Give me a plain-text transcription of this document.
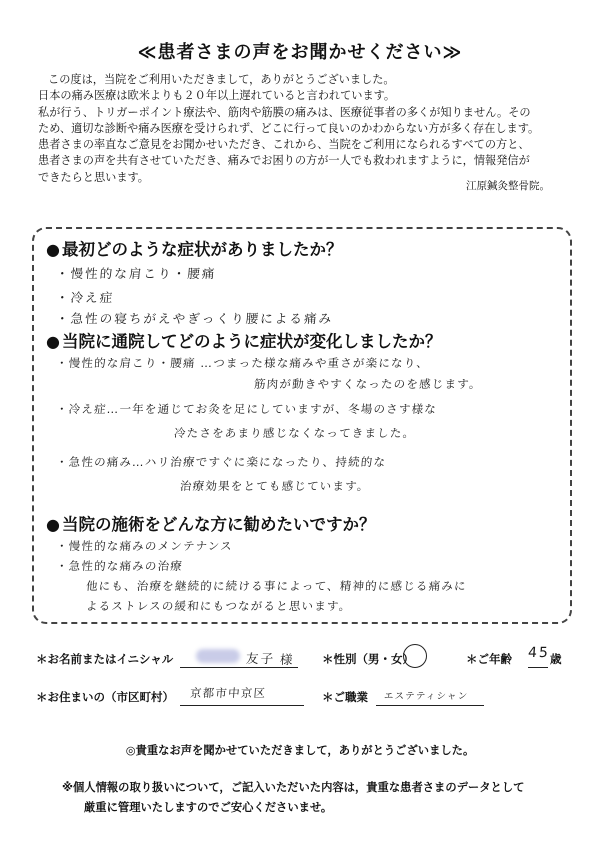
≪患者さまの声をお聞かせください≫

この度は，当院をご利用いただきまして，ありがとうございました。

日本の痛み医療は欧米よりも２０年以上遅れていると言われています。

私が行う、トリガーポイント療法や、筋肉や筋膜の痛みは、医療従事者の多くが知りません。その

ため、適切な診断や痛み医療を受けられず、どこに行って良いのかわからない方が多く存在します。

患者さまの率直なご意見をお聞かせいただき、これから、当院をご利用になられるすべての方と、

患者さまの声を共有させていただき、痛みでお困りの方が一人でも救われますように，情報発信が

できたらと思います。

江原鍼灸整骨院。
● 最初どのような症状がありましたか？
・慢性的な肩こり・腰痛
・冷え症
・急性の寝ちがえやぎっくり腰による痛み
● 当院に通院してどのように症状が変化しましたか？
・慢性的な肩こり・腰痛 …つまった様な痛みや重さが楽になり、
筋肉が動きやすくなったのを感じます。
・冷え症…一年を通じてお灸を足にしていますが、冬場のさす様な
冷たさをあまり感じなくなってきました。
・急性の痛み…ハリ治療ですぐに楽になったり、持続的な
治療効果をとても感じています。
● 当院の施術をどんな方に勧めたいですか？
・慢性的な痛みのメンテナンス
・急性的な痛みの治療
他にも、治療を継続的に続ける事によって、精神的に感じる痛みに
よるストレスの緩和にもつながると思います。
＊お名前またはイニシャル	友子 様 ＊性別（男・女）	＊ご年齢 45 歳
＊お住まいの（市区町村） 京都市中京区	＊ご職業 エステティシャン
◎貴重なお声を聞かせていただきまして，ありがとうございました。

※個人情報の取り扱いについて，ご記入いただいた内容は，貴重な患者さまのデータとして

厳重に管理いたしますのでご安心くださいませ。
